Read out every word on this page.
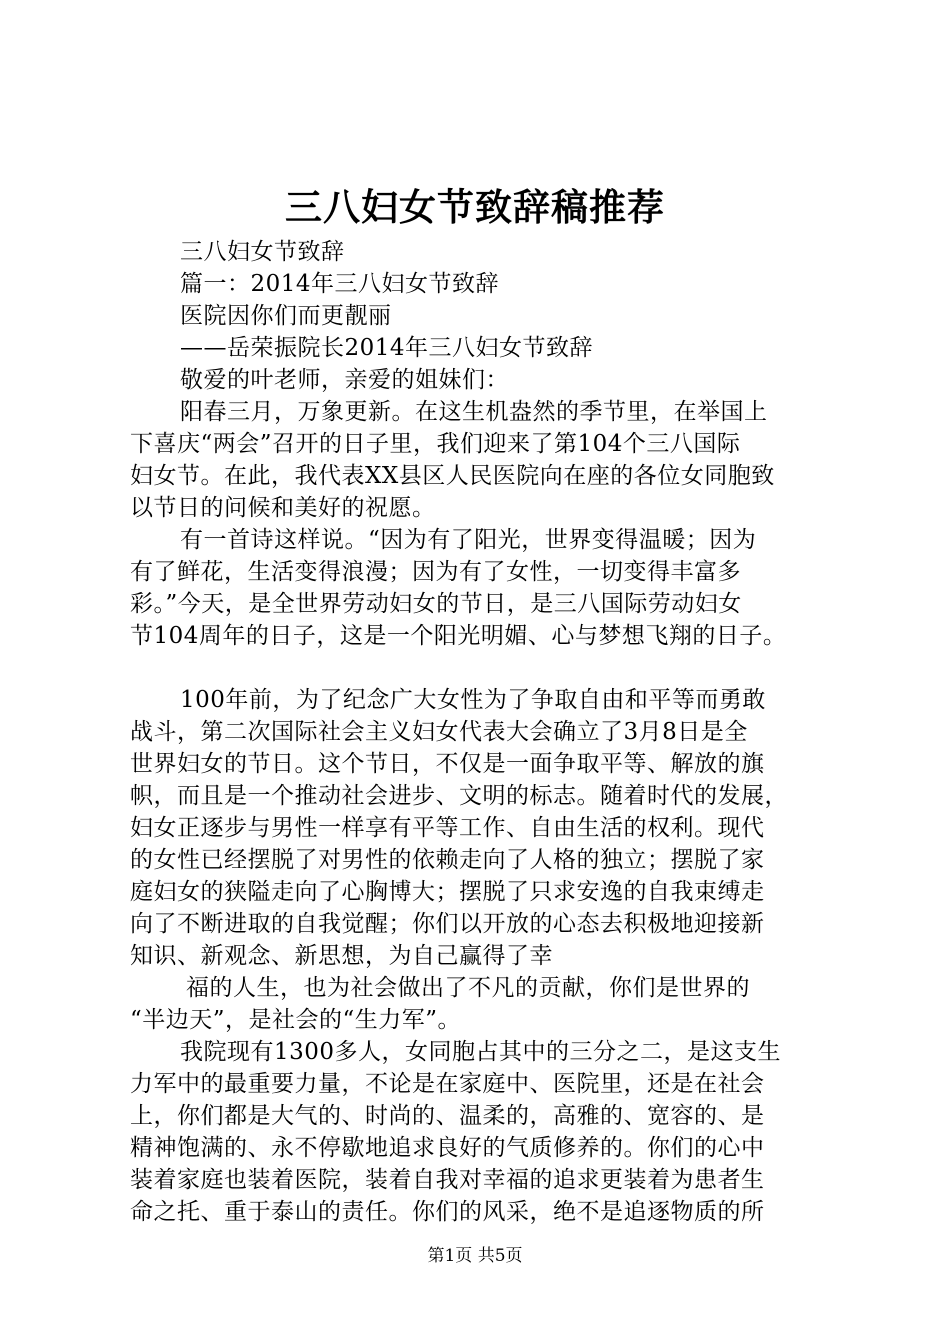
三八妇女节致辞稿推荐
三八妇女节致辞
篇一：2014年三八妇女节致辞
医院因你们而更靓丽
——岳荣振院长2014年三八妇女节致辞
敬爱的叶老师，亲爱的姐妹们：
阳春三月，万象更新。在这生机盎然的季节里，在举国上
下喜庆“两会”召开的日子里，我们迎来了第104个三八国际
妇女节。在此，我代表XX县区人民医院向在座的各位女同胞致
以节日的问候和美好的祝愿。
有一首诗这样说。“因为有了阳光，世界变得温暖；因为
有了鲜花，生活变得浪漫；因为有了女性，一切变得丰富多
彩。”今天，是全世界劳动妇女的节日，是三八国际劳动妇女
节104周年的日子，这是一个阳光明媚、心与梦想飞翔的日子。
100年前，为了纪念广大女性为了争取自由和平等而勇敢
战斗，第二次国际社会主义妇女代表大会确立了3月8日是全
世界妇女的节日。这个节日，不仅是一面争取平等、解放的旗
帜，而且是一个推动社会进步、文明的标志。随着时代的发展，
妇女正逐步与男性一样享有平等工作、自由生活的权利。现代
的女性已经摆脱了对男性的依赖走向了人格的独立；摆脱了家
庭妇女的狭隘走向了心胸博大；摆脱了只求安逸的自我束缚走
向了不断进取的自我觉醒；你们以开放的心态去积极地迎接新
知识、新观念、新思想，为自己赢得了幸
福的人生，也为社会做出了不凡的贡献，你们是世界的
“半边天”，是社会的“生力军”。
我院现有1300多人，女同胞占其中的三分之二，是这支生
力军中的最重要力量，不论是在家庭中、医院里，还是在社会
上，你们都是大气的、时尚的、温柔的，高雅的、宽容的、是
精神饱满的、永不停歇地追求良好的气质修养的。你们的心中
装着家庭也装着医院，装着自我对幸福的追求更装着为患者生
命之托、重于泰山的责任。你们的风采，绝不是追逐物质的所
第1页 共5页
